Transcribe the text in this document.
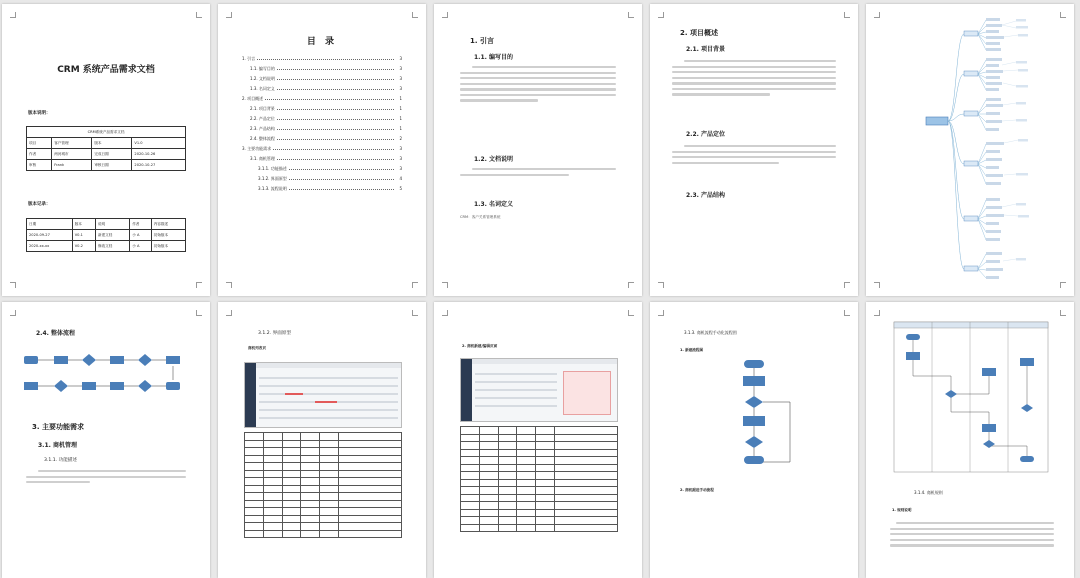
CRM 系统产品需求文档
版本说明：
CRM系统产品需求文档			
项目	客户管理	版本	V1.0
作者	两河城市	完成日期	2020-10-26
审核	Frank	审核日期	2020-10-27
版本记录：
日期	版本	说明	作者	内容描述
2020-09-27	V0.1	新建文档	小 A	初始版本
2020-xx-xx	V0.2	修改文档	小 A	初始版本
目 录
1. 引言	3
1.1. 编写目的	3
1.2. 文档说明	3
1.3. 名词定义	3
2. 项目概述	1
2.1. 项目背景	1
2.2. 产品定位	1
2.3. 产品结构	1
2.4. 整体流程	2
3. 主要功能需求	3
3.1. 商机管理	3
3.1.1. 功能描述	3
3.1.2. 界面原型	4
3.1.3. 流程说明	5
1. 引言
1.1. 编写目的
1.2. 文档说明
1.3. 名词定义
CRM：客户关系管理系统
2. 项目概述
2.1. 项目背景
2.2. 产品定位
2.3. 产品结构
2.4. 整体流程
3. 主要功能需求
3.1. 商机管理
3.1.1. 功能描述
3.1.2. 界面原型
商机列表页

						2. 商机新建/编辑页面

3.1.3. 商机流程手动化流程图
1. 新建流程图
2. 商机跟进手动流程	3.1.4. 商机规则
1. 规则说明
